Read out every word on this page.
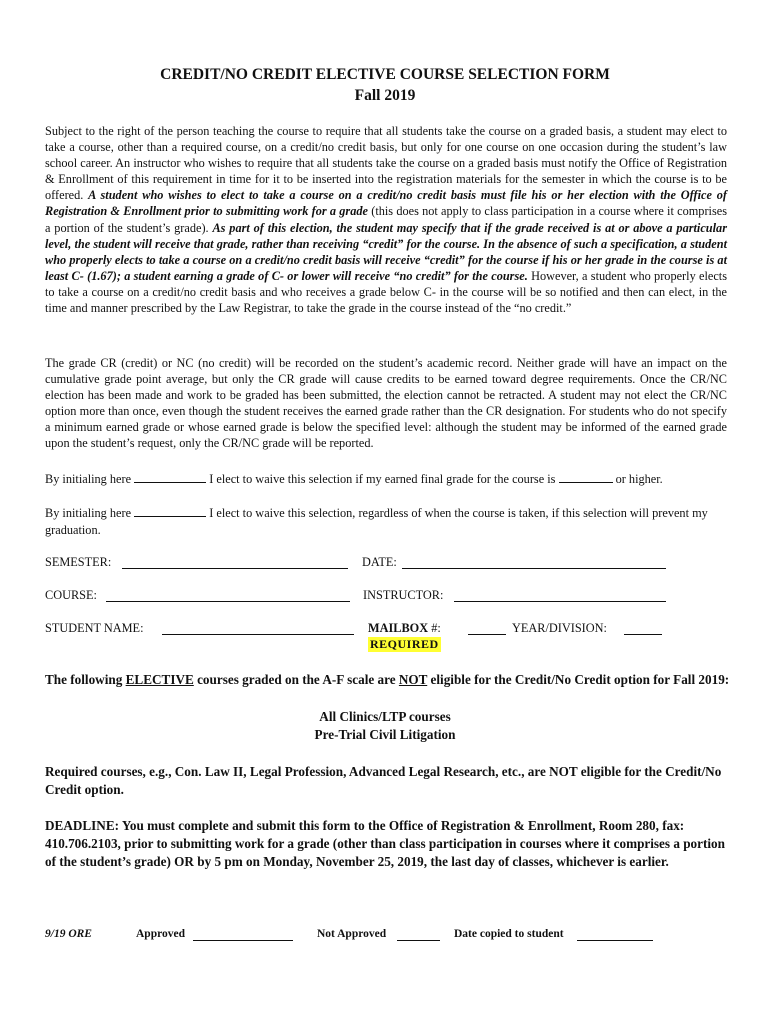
CREDIT/NO CREDIT ELECTIVE COURSE SELECTION FORM
Fall 2019

Subject to the right of the person teaching the course to require that all students take the course on a graded basis, a student may elect to take a course, other than a required course, on a credit/no credit basis, but only for one course on one occasion during the student’s law school career. An instructor who wishes to require that all students take the course on a graded basis must notify the Office of Registration & Enrollment of this requirement in time for it to be inserted into the registration materials for the semester in which the course is to be offered. A student who wishes to elect to take a course on a credit/no credit basis must file his or her election with the Office of Registration & Enrollment prior to submitting work for a grade (this does not apply to class participation in a course where it comprises a portion of the student’s grade). As part of this election, the student may specify that if the grade received is at or above a particular level, the student will receive that grade, rather than receiving “credit” for the course. In the absence of such a specification, a student who properly elects to take a course on a credit/no credit basis will receive “credit” for the course if his or her grade in the course is at least C- (1.67); a student earning a grade of C- or lower will receive “no credit” for the course. However, a student who properly elects to take a course on a credit/no credit basis and who receives a grade below C- in the course will be so notified and then can elect, in the time and manner prescribed by the Law Registrar, to take the grade in the course instead of the “no credit.”

The grade CR (credit) or NC (no credit) will be recorded on the student’s academic record. Neither grade will have an impact on the cumulative grade point average, but only the CR grade will cause credits to be earned toward degree requirements. Once the CR/NC election has been made and work to be graded has been submitted, the election cannot be retracted. A student may not elect the CR/NC option more than once, even though the student receives the earned grade rather than the CR designation. For students who do not specify a minimum earned grade or whose earned grade is below the specified level: although the student may be informed of the earned grade upon the student’s request, only the CR/NC grade will be reported.

By initialing here	I elect to waive this selection if my earned final grade for the course is	or higher.
By initialing here	I elect to waive this selection, regardless of when the course is taken, if this selection will prevent my graduation.
SEMESTER:	DATE:
COURSE:	INSTRUCTOR:
STUDENT NAME:	MAILBOX #:	YEAR/DIVISION:
REQUIRED

The following ELECTIVE courses graded on the A-F scale are NOT eligible for the Credit/No Credit option for Fall 2019:

All Clinics/LTP courses
Pre-Trial Civil Litigation

Required courses, e.g., Con. Law II, Legal Profession, Advanced Legal Research, etc., are NOT eligible for the Credit/No Credit option.

DEADLINE: You must complete and submit this form to the Office of Registration & Enrollment, Room 280, fax: 410.706.2103, prior to submitting work for a grade (other than class participation in courses where it comprises a portion of the student’s grade) OR by 5 pm on Monday, November 25, 2019, the last day of classes, whichever is earlier.

9/19 ORE	Approved	Not Approved	Date copied to student
